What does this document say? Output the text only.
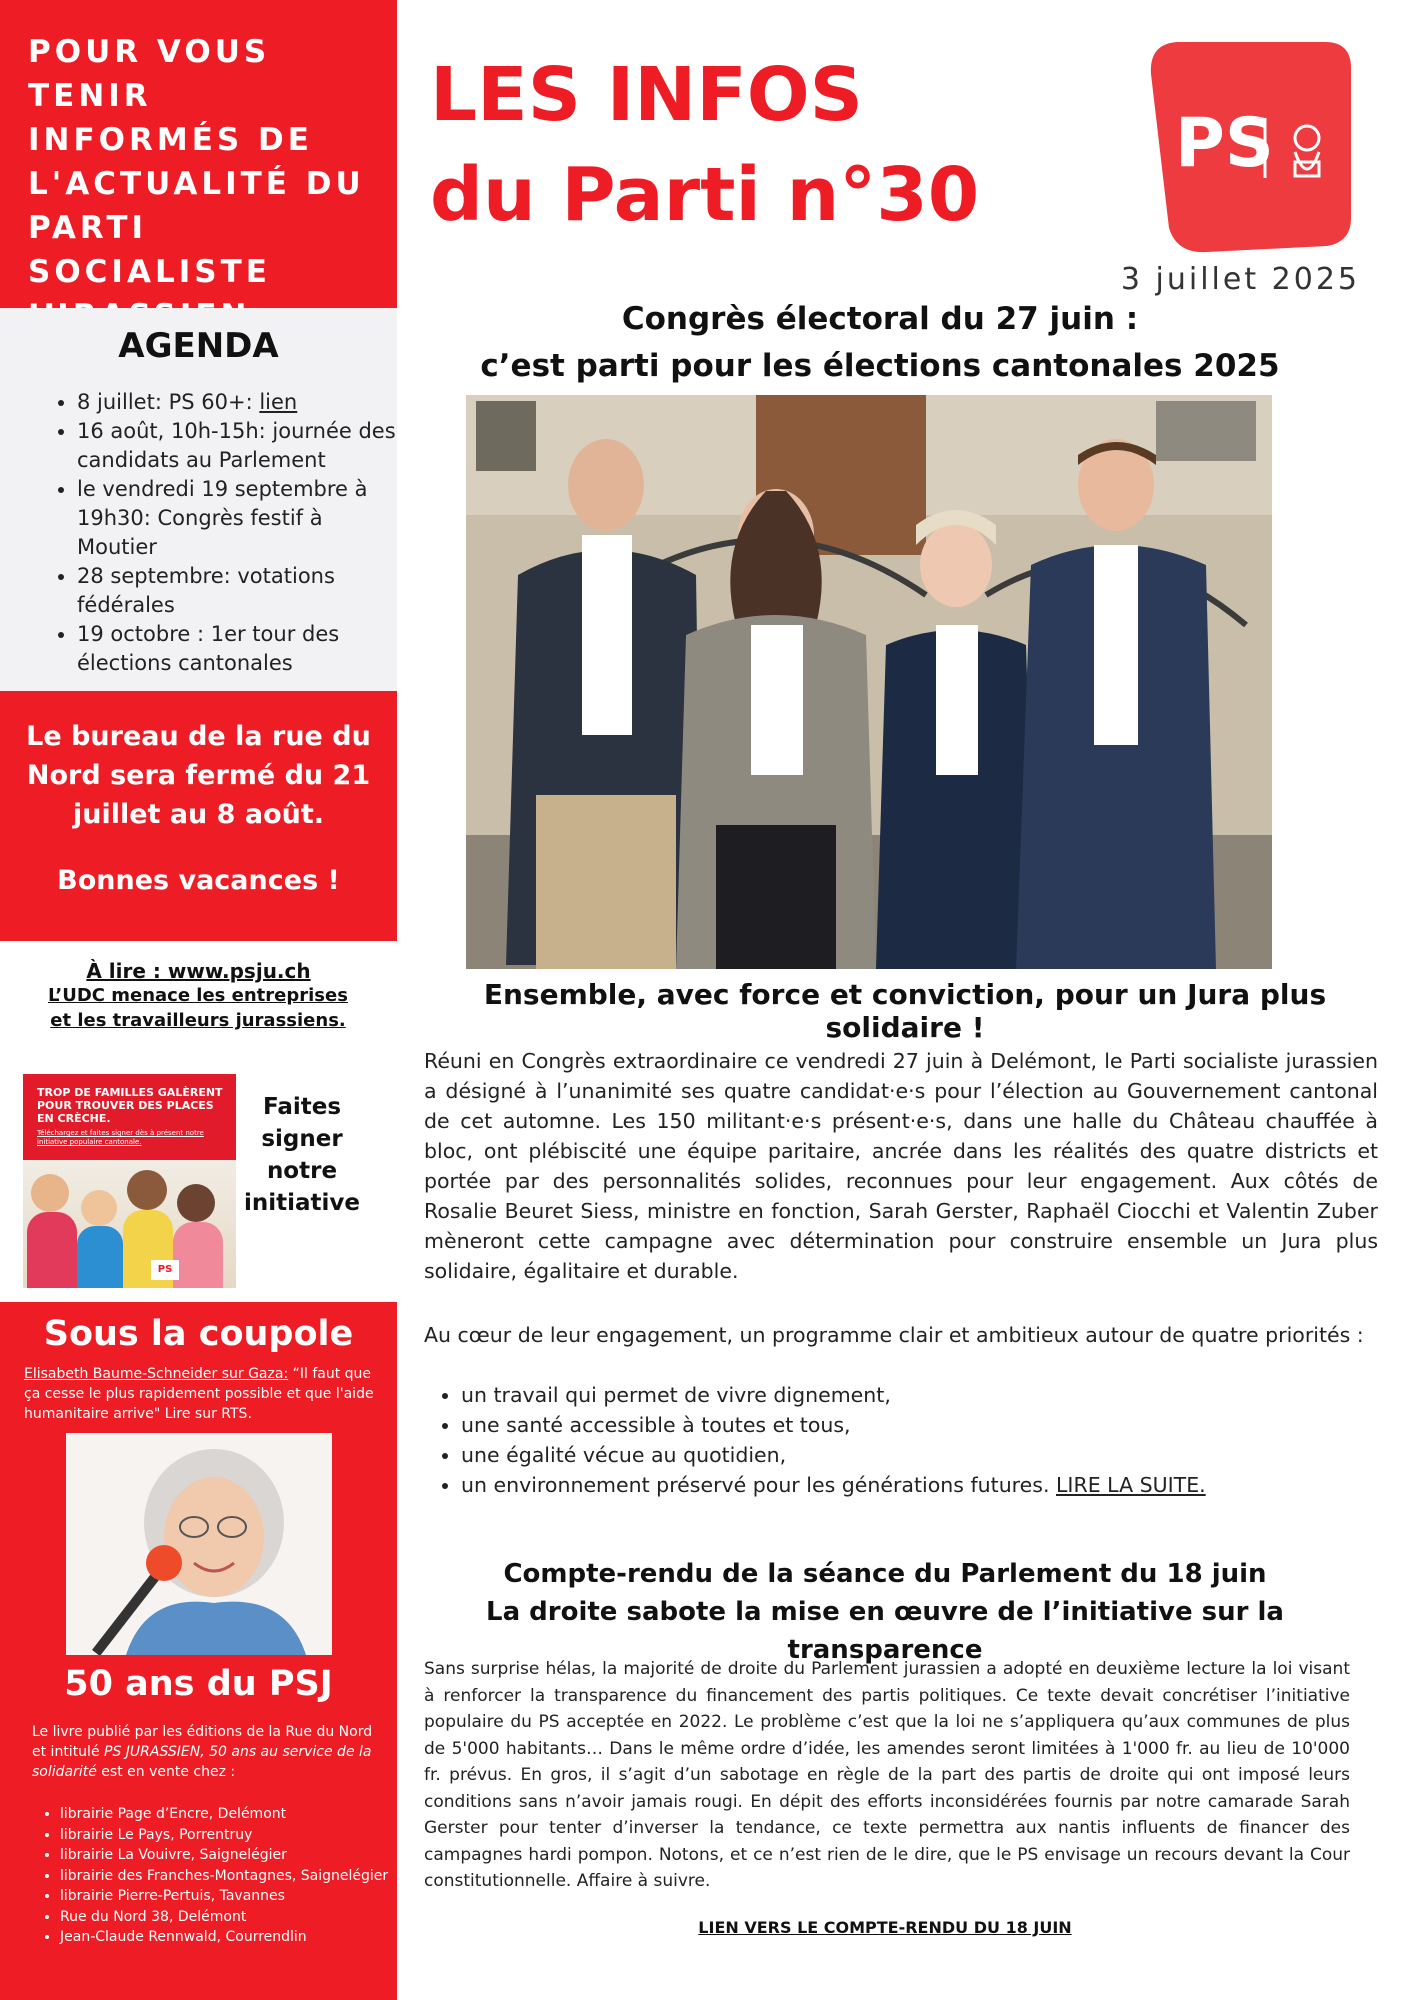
POUR VOUS TENIR INFORMÉS DE L'ACTUALITÉ DU PARTI SOCIALISTE
AGENDA
• 8 juillet: PS 60+: lien
• 16 août, 10h-15h: journée des candidats au Parlement
• le vendredi 19 septembre à 19h30: Congrès festif à Moutier
• 28 septembre: votations fédérales
• 19 octobre : 1er tour des élections cantonales
Le bureau de la rue du Nord sera fermé du 21 juillet au 8 août.
Bonnes vacances !
À lire : www.psju.ch
L’UDC menace les entreprises et les travailleurs jurassiens.
TROP DE FAMILLES GALÈRENT POUR TROUVER DES PLACES EN CRÈCHE.
Téléchargez et faites signer dès à présent notre initiative populaire cantonale.
PS
Faites signer notre initiative
Sous la coupole
Elisabeth Baume-Schneider sur Gaza: “Il faut que ça cesse le plus rapidement possible et que l'aide humanitaire arrive" Lire sur RTS.
50 ans du PSJ
Le livre publié par les éditions de la Rue du Nord et intitulé PS JURASSIEN, 50 ans au service de la solidarité est en vente chez :
• librairie Page d’Encre, Delémont
• librairie Le Pays, Porrentruy
• librairie La Vouivre, Saignelégier
• librairie des Franches-Montagnes, Saignelégier
• librairie Pierre-Pertuis, Tavannes
• Rue du Nord 38, Delémont
• Jean-Claude Rennwald, Courrendlin
LES INFOS
du Parti n°30
PS
3 juillet 2025
Congrès électoral du 27 juin :
c’est parti pour les élections cantonales 2025
Ensemble, avec force et conviction, pour un Jura plus solidaire !
Réuni en Congrès extraordinaire ce vendredi 27 juin à Delémont, le Parti socialiste jurassien a désigné à l’unanimité ses quatre candidat·e·s pour l’élection au Gouvernement cantonal de cet automne. Les 150 militant·e·s présent·e·s, dans une halle du Château chauffée à bloc, ont plébiscité une équipe paritaire, ancrée dans les réalités des quatre districts et portée par des personnalités solides, reconnues pour leur engagement. Aux côtés de Rosalie Beuret Siess, ministre en fonction, Sarah Gerster, Raphaël Ciocchi et Valentin Zuber mèneront cette campagne avec détermination pour construire ensemble un Jura plus solidaire, égalitaire et durable.
Au cœur de leur engagement, un programme clair et ambitieux autour de quatre priorités :
• un travail qui permet de vivre dignement,
• une santé accessible à toutes et tous,
• une égalité vécue au quotidien,
• un environnement préservé pour les générations futures. LIRE LA SUITE.
Compte-rendu de la séance du Parlement du 18 juin
La droite sabote la mise en œuvre de l’initiative sur la transparence
Sans surprise hélas, la majorité de droite du Parlement jurassien a adopté en deuxième lecture la loi visant à renforcer la transparence du financement des partis politiques. Ce texte devait concrétiser l’initiative populaire du PS acceptée en 2022. Le problème c’est que la loi ne s’appliquera qu’aux communes de plus de 5'000 habitants… Dans le même ordre d’idée, les amendes seront limitées à 1'000 fr. au lieu de 10'000 fr. prévus. En gros, il s’agit d’un sabotage en règle de la part des partis de droite qui ont imposé leurs conditions sans n’avoir jamais rougi. En dépit des efforts inconsidérées fournis par notre camarade Sarah Gerster pour tenter d’inverser la tendance, ce texte permettra aux nantis influents de financer des campagnes hardi pompon. Notons, et ce n’est rien de le dire, que le PS envisage un recours devant la Cour constitutionnelle. Affaire à suivre.
LIEN VERS LE COMPTE-RENDU DU 18 JUIN
